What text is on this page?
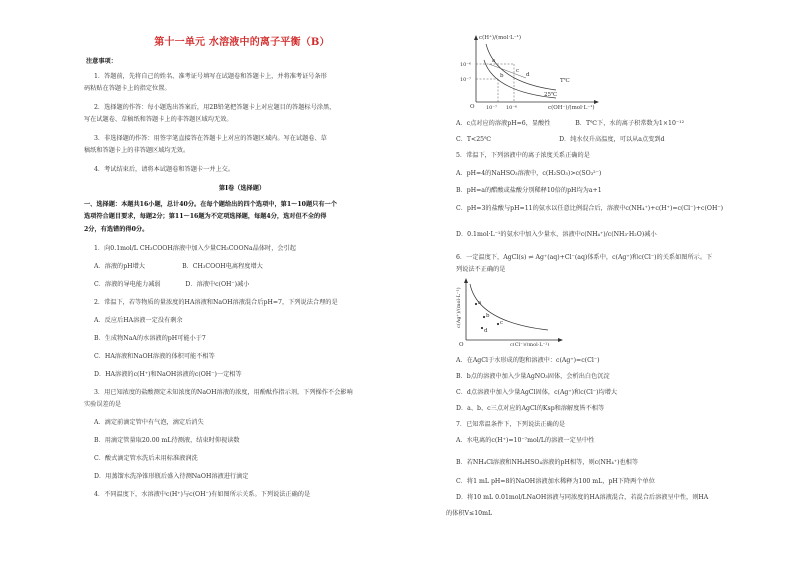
第十一单元 水溶液中的离子平衡（B）
注意事项：
1．答题前，先将自己的姓名、准考证号填写在试题卷和答题卡上，并将准考证号条形
码粘贴在答题卡上的指定位置。
2．选择题的作答：每小题选出答案后，用2B铅笔把答题卡上对应题目的答题标号涂黑，
写在试题卷、草稿纸和答题卡上的非答题区域均无效。
3．非选择题的作答：用签字笔直接答在答题卡上对应的答题区域内。写在试题卷、草
稿纸和答题卡上的非答题区域均无效。
4．考试结束后，请将本试题卷和答题卡一并上交。
第Ⅰ卷（选择题）
一、选择题：本题共16小题，总计40分。在每个题给出的四个选项中，第1～10题只有一个
选项符合题目要求，每题2分；第11～16题为不定项选择题，每题4分，选对但不全的得
2分，有选错的得0分。
1．向0.1mol/L CH₃COOH溶液中加入少量CH₃COONa晶体时，会引起
A．溶液的pH增大　　　　　　B．CH₃COOH电离程度增大
C．溶液的导电能力减弱　　　　D．溶液中c(OH⁻)减小
2．常温下，若等物质的量浓度的HA溶液和NaOH溶液混合后pH=7，下列说法合理的是
A．反应后HA溶液一定没有剩余
B．生成物NaA的水溶液的pH可能小于7
C．HA溶液和NaOH溶液的体积可能不相等
D．HA溶液的c(H⁺)和NaOH溶液的c(OH⁻)一定相等
3．用已知浓度的盐酸测定未知浓度的NaOH溶液的浓度，用酚酞作指示剂，下列操作不会影响
实验误差的是
A．滴定前滴定管中有气泡，滴定后消失
B．用滴定管量取20.00 mL待测液，结束时仰视读数
C．酸式滴定管水洗后未用标准液润洗
D．用蒸馏水洗净锥形瓶后盛入待测NaOH溶液进行滴定
4．不同温度下，水溶液中c(H⁺)与c(OH⁻)有如图所示关系。下列说法正确的是
c(H⁺)/(mol·L⁻¹)
c(OH⁻)/(mol·L⁻¹)
O
10⁻⁶
10⁻⁷
10⁻⁷ 10⁻⁶
a
b
c
d
T℃
25℃
A．c点对应的溶液pH=6，显酸性　　　　B．T℃下，水的离子积常数为1×10⁻¹²
C．T<25℃　　　　　　　　　　　D．纯水仅升高温度，可以从a点变到d
5．常温下，下列溶液中的离子浓度关系正确的是
A．pH=4的NaHSO₃溶液中，c(H₂SO₃)>c(SO₃²⁻)
B．pH=a的醋酸或盐酸分别稀释10倍的pH均为a+1
C．pH=3的盐酸与pH=11的氨水以任意比例混合后，溶液中c(NH₄⁺)+c(H⁺)=c(Cl⁻)+c(OH⁻)
D．0.1mol·L⁻¹的氨水中加入少量水，溶液中c(NH₄⁺)/c(NH₃·H₂O)减小
6．一定温度下，AgCl(s) ⇌ Ag⁺(aq)+Cl⁻(aq)体系中，c(Ag⁺)和c(Cl⁻)的关系如图所示。下
列说法不正确的是
c(Ag⁺)/(mol·L⁻¹)
c(Cl⁻)/(mol·L⁻¹)
O
a
b
c
d
A．在AgCl于水形成的饱和溶液中：c(Ag⁺)=c(Cl⁻)
B．b点的溶液中加入少量AgNO₃固体，会析出白色沉淀
C．d点溶液中加入少量AgCl固体，c(Ag⁺)和c(Cl⁻)均增大
D．a、b、c三点对应的AgCl的Ksp和溶解度皆不相等
7．已知常温条件下，下列说法正确的是
A．水电离的c(H⁺)=10⁻⁷mol/L的溶液一定呈中性
B．若NH₄Cl溶液和NH₄HSO₄溶液的pH相等，则c(NH₄⁺)也相等
C．将1 mL pH=8的NaOH溶液加水稀释为100 mL，pH下降两个单位
D．将10 mL 0.01mol/LNaOH溶液与同浓度的HA溶液混合，若混合后溶液呈中性，则HA
的体积V≤10mL
